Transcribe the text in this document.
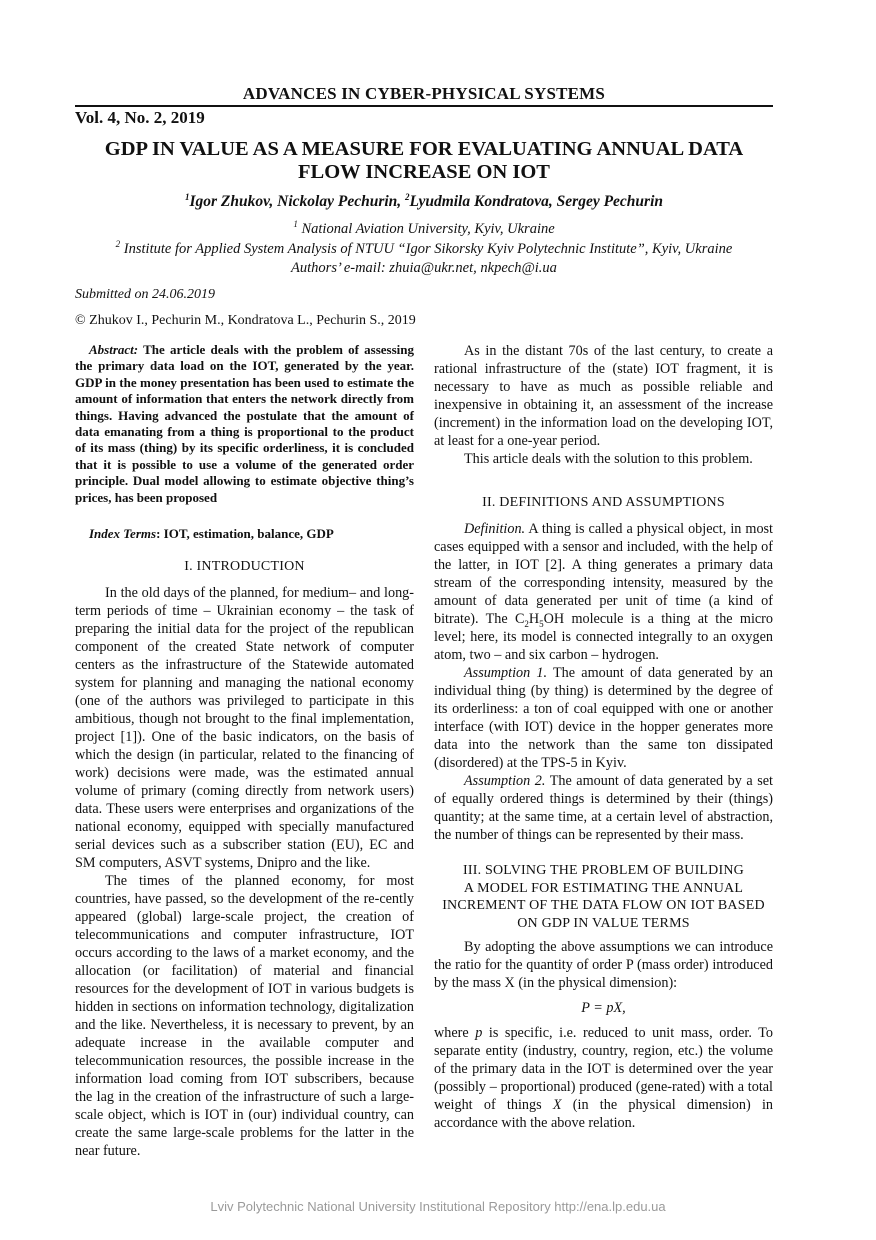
ADVANCES IN CYBER-PHYSICAL SYSTEMS
Vol. 4, No. 2, 2019
GDP IN VALUE AS A MEASURE FOR EVALUATING ANNUAL DATA
FLOW INCREASE ON IOT
$^1$Igor Zhukov, Nickolay Pechurin, $^2$Lyudmila Kondratova, Sergey Pechurin
$^1$ National Aviation University, Kyiv, Ukraine
$^2$ Institute for Applied System Analysis of NTUU “Igor Sikorsky Kyiv Polytechnic Institute”, Kyiv, Ukraine
Authors’ e-mail: zhuia@ukr.net, nkpech@i.ua
Submitted on 24.06.2019
© Zhukov I., Pechurin M., Kondratova L., Pechurin S., 2019

Abstract: The article deals with the problem of assessing the primary data load on the IOT, generated by the year. GDP in the money presentation has been used to estimate the amount of information that enters the network directly from things. Having advanced the postulate that the amount of data emanating from a thing is proportional to the product of its mass (thing) by its specific orderliness, it is concluded that it is possible to use a volume of the generated order principle. Dual model allowing to estimate objective thing’s prices, has been proposed

Index Terms: IOT, estimation, balance, GDP

I. INTRODUCTION

In the old days of the planned, for medium– and long-term periods of time – Ukrainian economy – the task of preparing the initial data for the project of the republican component of the created State network of computer centers as the infrastructure of the Statewide automated system for planning and managing the national economy (one of the authors was privileged to participate in this ambitious, though not brought to the final implementation, project [1]). One of the basic indicators, on the basis of which the design (in particular, related to the financing of work) decisions were made, was the estimated annual volume of primary (coming directly from network users) data. These users were enterprises and organizations of the national economy, equipped with specially manufactured serial devices such as a subscriber station (EU), EC and SM computers, ASVT systems, Dnipro and the like.

The times of the planned economy, for most countries, have passed, so the development of the re-cently appeared (global) large-scale project, the creation of telecommunications and computer infrastructure, IOT occurs according to the laws of a market economy, and the allocation (or facilitation) of material and financial resources for the development of IOT in various budgets is hidden in sections on information technology, digitalization and the like. Nevertheless, it is necessary to prevent, by an adequate increase in the available computer and telecommunication resources, the possible increase in the information load coming from IOT subscribers, because the lag in the creation of the infrastructure of such a large-scale object, which is IOT in (our) individual country, can create the same large-scale problems for the latter in the near future.

As in the distant 70s of the last century, to create a rational infrastructure of the (state) IOT fragment, it is necessary to have as much as possible reliable and inexpensive in obtaining it, an assessment of the increase (increment) in the information load on the developing IOT, at least for a one-year period.

This article deals with the solution to this problem.

II. DEFINITIONS AND ASSUMPTIONS

Definition. A thing is called a physical object, in most cases equipped with a sensor and included, with the help of the latter, in IOT [2]. A thing generates a primary data stream of the corresponding intensity, measured by the amount of data generated per unit of time (a kind of bitrate). The $C_2H_5OH$ molecule is a thing at the micro level; here, its model is connected integrally to an oxygen atom, two – and six carbon – hydrogen.

Assumption 1. The amount of data generated by an individual thing (by thing) is determined by the degree of its orderliness: a ton of coal equipped with one or another interface (with IOT) device in the hopper generates more data into the network than the same ton dissipated (disordered) at the TPS-5 in Kyiv.

Assumption 2. The amount of data generated by a set of equally ordered things is determined by their (things) quantity; at the same time, at a certain level of abstraction, the number of things can be represented by their mass.

III. SOLVING THE PROBLEM OF BUILDING
A MODEL FOR ESTIMATING THE ANNUAL
INCREMENT OF THE DATA FLOW ON IOT BASED
ON GDP IN VALUE TERMS

By adopting the above assumptions we can introduce the ratio for the quantity of order P (mass order) introduced by the mass X (in the physical dimension):

P = pX,

where p is specific, i.e. reduced to unit mass, order. To separate entity (industry, country, region, etc.) the volume of the primary data in the IOT is determined over the year (possibly – proportional) produced (gene-rated) with a total weight of things X (in the physical dimension) in accordance with the above relation.

Lviv Polytechnic National University Institutional Repository http://ena.lp.edu.ua
